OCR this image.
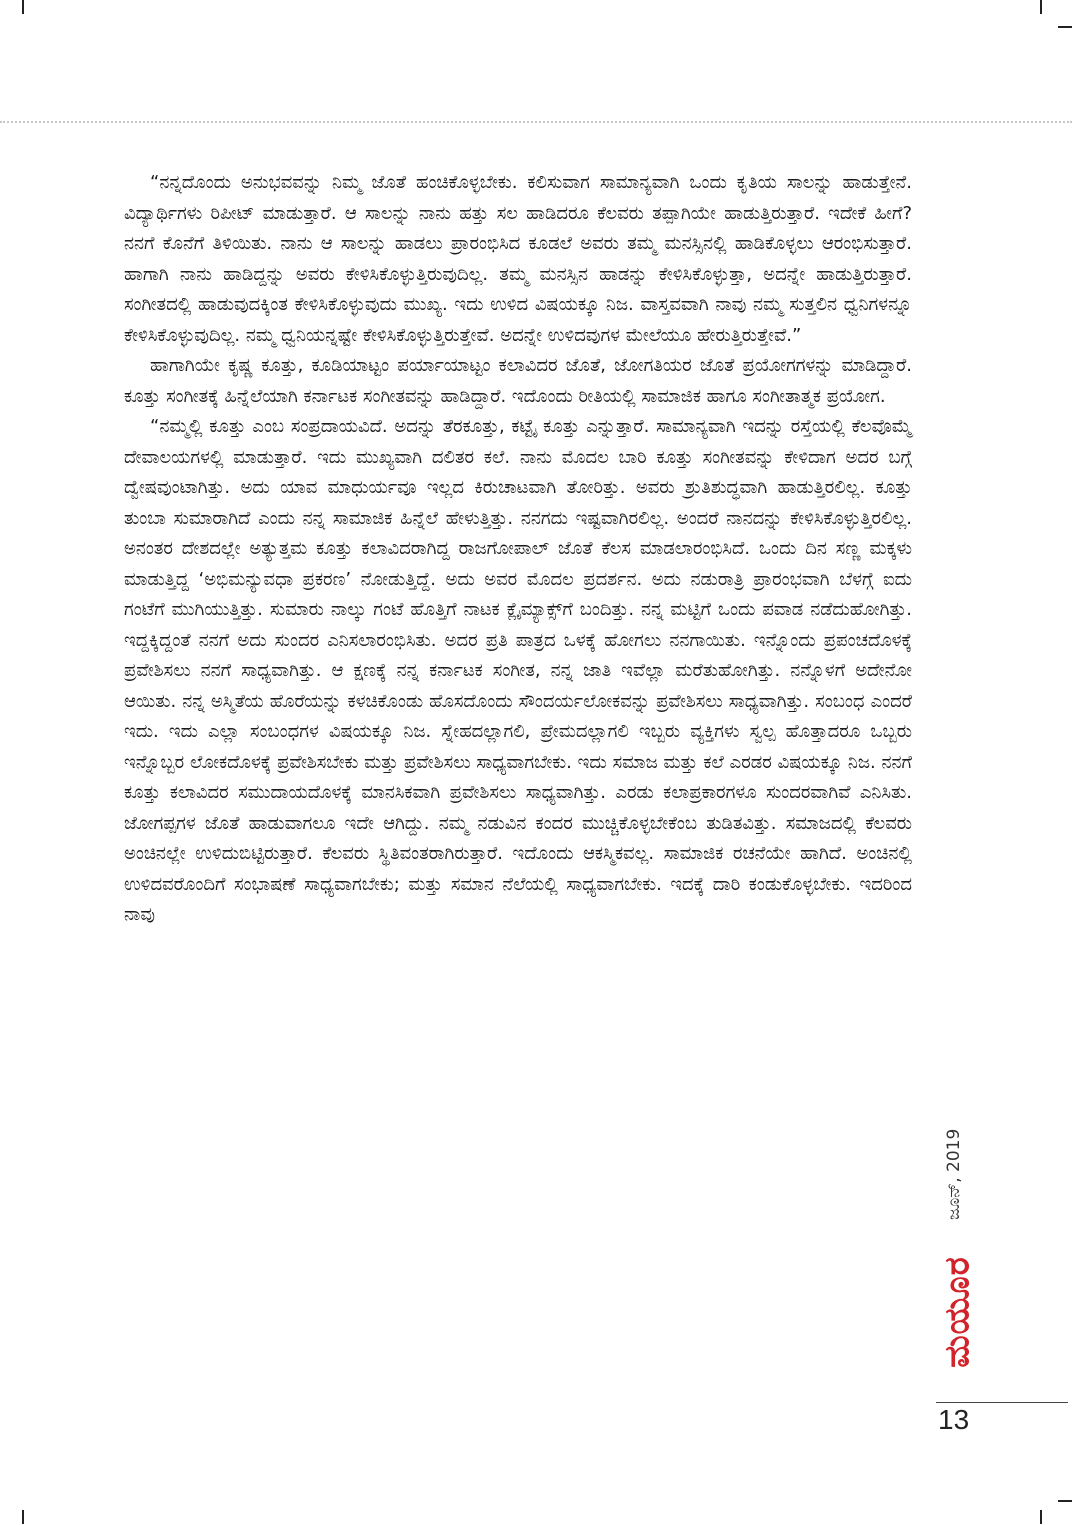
“ನನ್ನದೊಂದು ಅನುಭವವನ್ನು ನಿಮ್ಮ ಜೊತೆ ಹಂಚಿಕೊಳ್ಳಬೇಕು. ಕಲಿಸುವಾಗ ಸಾಮಾನ್ಯವಾಗಿ ಒಂದು ಕೃತಿಯ ಸಾಲನ್ನು ಹಾಡುತ್ತೇನೆ. ವಿದ್ಯಾರ್ಥಿಗಳು ರಿಪೀಟ್ ಮಾಡುತ್ತಾರೆ. ಆ ಸಾಲನ್ನು ನಾನು ಹತ್ತು ಸಲ ಹಾಡಿದರೂ ಕೆಲವರು ತಪ್ಪಾಗಿಯೇ ಹಾಡುತ್ತಿರುತ್ತಾರೆ. ಇದೇಕೆ ಹೀಗೆ? ನನಗೆ ಕೊನೆಗೆ ತಿಳಿಯಿತು. ನಾನು ಆ ಸಾಲನ್ನು ಹಾಡಲು ಪ್ರಾರಂಭಿಸಿದ ಕೂಡಲೆ ಅವರು ತಮ್ಮ ಮನಸ್ಸಿನಲ್ಲಿ ಹಾಡಿಕೊಳ್ಳಲು ಆರಂಭಿಸುತ್ತಾರೆ. ಹಾಗಾಗಿ ನಾನು ಹಾಡಿದ್ದನ್ನು ಅವರು ಕೇಳಿಸಿಕೊಳ್ಳುತ್ತಿರುವುದಿಲ್ಲ. ತಮ್ಮ ಮನಸ್ಸಿನ ಹಾಡನ್ನು ಕೇಳಿಸಿಕೊಳ್ಳುತ್ತಾ, ಅದನ್ನೇ ಹಾಡುತ್ತಿರುತ್ತಾರೆ. ಸಂಗೀತದಲ್ಲಿ ಹಾಡುವುದಕ್ಕಿಂತ ಕೇಳಿಸಿಕೊಳ್ಳುವುದು ಮುಖ್ಯ. ಇದು ಉಳಿದ ವಿಷಯಕ್ಕೂ ನಿಜ. ವಾಸ್ತವವಾಗಿ ನಾವು ನಮ್ಮ ಸುತ್ತಲಿನ ಧ್ವನಿಗಳನ್ನೂ ಕೇಳಿಸಿಕೊಳ್ಳುವುದಿಲ್ಲ. ನಮ್ಮ ಧ್ವನಿಯನ್ನಷ್ಟೇ ಕೇಳಿಸಿಕೊಳ್ಳುತ್ತಿರುತ್ತೇವೆ. ಅದನ್ನೇ ಉಳಿದವುಗಳ ಮೇಲೆಯೂ ಹೇರುತ್ತಿರುತ್ತೇವೆ.”

ಹಾಗಾಗಿಯೇ ಕೃಷ್ಣ ಕೂತ್ತು, ಕೂಡಿಯಾಟ್ಟಂ ಪರ್ಯಾಯಾಟ್ಟಂ ಕಲಾವಿದರ ಜೊತೆ, ಜೋಗತಿಯರ ಜೊತೆ ಪ್ರಯೋಗಗಳನ್ನು ಮಾಡಿದ್ದಾರೆ. ಕೂತ್ತು ಸಂಗೀತಕ್ಕೆ ಹಿನ್ನೆಲೆಯಾಗಿ ಕರ್ನಾಟಕ ಸಂಗೀತವನ್ನು ಹಾಡಿದ್ದಾರೆ. ಇದೊಂದು ರೀತಿಯಲ್ಲಿ ಸಾಮಾಜಿಕ ಹಾಗೂ ಸಂಗೀತಾತ್ಮಕ ಪ್ರಯೋಗ.

“ನಮ್ಮಲ್ಲಿ ಕೂತ್ತು ಎಂಬ ಸಂಪ್ರದಾಯವಿದೆ. ಅದನ್ನು ತೆರಕೂತ್ತು, ಕಟ್ಟೈ ಕೂತ್ತು ಎನ್ನುತ್ತಾರೆ. ಸಾಮಾನ್ಯವಾಗಿ ಇದನ್ನು ರಸ್ತೆಯಲ್ಲಿ ಕೆಲವೊಮ್ಮೆ ದೇವಾಲಯಗಳಲ್ಲಿ ಮಾಡುತ್ತಾರೆ. ಇದು ಮುಖ್ಯವಾಗಿ ದಲಿತರ ಕಲೆ. ನಾನು ಮೊದಲ ಬಾರಿ ಕೂತ್ತು ಸಂಗೀತವನ್ನು ಕೇಳಿದಾಗ ಅದರ ಬಗ್ಗೆ ದ್ವೇಷವುಂಟಾಗಿತ್ತು. ಅದು ಯಾವ ಮಾಧುರ್ಯವೂ ಇಲ್ಲದ ಕಿರುಚಾಟವಾಗಿ ತೋರಿತ್ತು. ಅವರು ಶ್ರುತಿಶುದ್ಧವಾಗಿ ಹಾಡುತ್ತಿರಲಿಲ್ಲ. ಕೂತ್ತು ತುಂಬಾ ಸುಮಾರಾಗಿದೆ ಎಂದು ನನ್ನ ಸಾಮಾಜಿಕ ಹಿನ್ನೆಲೆ ಹೇಳುತ್ತಿತ್ತು. ನನಗದು ಇಷ್ಟವಾಗಿರಲಿಲ್ಲ. ಅಂದರೆ ನಾನದನ್ನು ಕೇಳಿಸಿಕೊಳ್ಳುತ್ತಿರಲಿಲ್ಲ. ಅನಂತರ ದೇಶದಲ್ಲೇ ಅತ್ಯುತ್ತಮ ಕೂತ್ತು ಕಲಾವಿದರಾಗಿದ್ದ ರಾಜಗೋಪಾಲ್ ಜೊತೆ ಕೆಲಸ ಮಾಡಲಾರಂಭಿಸಿದೆ. ಒಂದು ದಿನ ಸಣ್ಣ ಮಕ್ಕಳು ಮಾಡುತ್ತಿದ್ದ ‘ಅಭಿಮನ್ಯುವಧಾ ಪ್ರಕರಣ’ ನೋಡುತ್ತಿದ್ದೆ. ಅದು ಅವರ ಮೊದಲ ಪ್ರದರ್ಶನ. ಅದು ನಡುರಾತ್ರಿ ಪ್ರಾರಂಭವಾಗಿ ಬೆಳಗ್ಗೆ ಐದು ಗಂಟೆಗೆ ಮುಗಿಯುತ್ತಿತ್ತು. ಸುಮಾರು ನಾಲ್ಕು ಗಂಟೆ ಹೊತ್ತಿಗೆ ನಾಟಕ ಕ್ಲೈಮ್ಯಾಕ್ಸ್‌ಗೆ ಬಂದಿತ್ತು. ನನ್ನ ಮಟ್ಟಿಗೆ ಒಂದು ಪವಾಡ ನಡೆದುಹೋಗಿತ್ತು. ಇದ್ದಕ್ಕಿದ್ದಂತೆ ನನಗೆ ಅದು ಸುಂದರ ಎನಿಸಲಾರಂಭಿಸಿತು. ಅದರ ಪ್ರತಿ ಪಾತ್ರದ ಒಳಕ್ಕೆ ಹೋಗಲು ನನಗಾಯಿತು. ಇನ್ನೊಂದು ಪ್ರಪಂಚದೊಳಕ್ಕೆ ಪ್ರವೇಶಿಸಲು ನನಗೆ ಸಾಧ್ಯವಾಗಿತ್ತು. ಆ ಕ್ಷಣಕ್ಕೆ ನನ್ನ ಕರ್ನಾಟಕ ಸಂಗೀತ, ನನ್ನ ಜಾತಿ ಇವೆಲ್ಲಾ ಮರೆತುಹೋಗಿತ್ತು. ನನ್ನೊಳಗೆ ಅದೇನೋ ಆಯಿತು. ನನ್ನ ಅಸ್ಮಿತೆಯ ಹೊರೆಯನ್ನು ಕಳಚಿಕೊಂಡು ಹೊಸದೊಂದು ಸೌಂದರ್ಯಲೋಕವನ್ನು ಪ್ರವೇಶಿಸಲು ಸಾಧ್ಯವಾಗಿತ್ತು. ಸಂಬಂಧ ಎಂದರೆ ಇದು. ಇದು ಎಲ್ಲಾ ಸಂಬಂಧಗಳ ವಿಷಯಕ್ಕೂ ನಿಜ. ಸ್ನೇಹದಲ್ಲಾಗಲಿ, ಪ್ರೇಮದಲ್ಲಾಗಲಿ ಇಬ್ಬರು ವ್ಯಕ್ತಿಗಳು ಸ್ವಲ್ಪ ಹೊತ್ತಾದರೂ ಒಬ್ಬರು ಇನ್ನೊಬ್ಬರ ಲೋಕದೊಳಕ್ಕೆ ಪ್ರವೇಶಿಸಬೇಕು ಮತ್ತು ಪ್ರವೇಶಿಸಲು ಸಾಧ್ಯವಾಗಬೇಕು. ಇದು ಸಮಾಜ ಮತ್ತು ಕಲೆ ಎರಡರ ವಿಷಯಕ್ಕೂ ನಿಜ. ನನಗೆ ಕೂತ್ತು ಕಲಾವಿದರ ಸಮುದಾಯದೊಳಕ್ಕೆ ಮಾನಸಿಕವಾಗಿ ಪ್ರವೇಶಿಸಲು ಸಾಧ್ಯವಾಗಿತ್ತು. ಎರಡು ಕಲಾಪ್ರಕಾರಗಳೂ ಸುಂದರವಾಗಿವೆ ಎನಿಸಿತು. ಜೋಗಪ್ಪಗಳ ಜೊತೆ ಹಾಡುವಾಗಲೂ ಇದೇ ಆಗಿದ್ದು. ನಮ್ಮ ನಡುವಿನ ಕಂದರ ಮುಚ್ಚಿಕೊಳ್ಳಬೇಕೆಂಬ ತುಡಿತವಿತ್ತು. ಸಮಾಜದಲ್ಲಿ ಕೆಲವರು ಅಂಚಿನಲ್ಲೇ ಉಳಿದುಬಿಟ್ಟಿರುತ್ತಾರೆ. ಕೆಲವರು ಸ್ಥಿತಿವಂತರಾಗಿರುತ್ತಾರೆ. ಇದೊಂದು ಆಕಸ್ಮಿಕವಲ್ಲ. ಸಾಮಾಜಿಕ ರಚನೆಯೇ ಹಾಗಿದೆ. ಅಂಚಿನಲ್ಲಿ ಉಳಿದವರೊಂದಿಗೆ ಸಂಭಾಷಣೆ ಸಾಧ್ಯವಾಗಬೇಕು; ಮತ್ತು ಸಮಾನ ನೆಲೆಯಲ್ಲಿ ಸಾಧ್ಯವಾಗಬೇಕು. ಇದಕ್ಕೆ ದಾರಿ ಕಂಡುಕೊಳ್ಳಬೇಕು. ಇದರಿಂದ ನಾವು

ಜೂನ್, 2019
ಮಯೂರ
13
